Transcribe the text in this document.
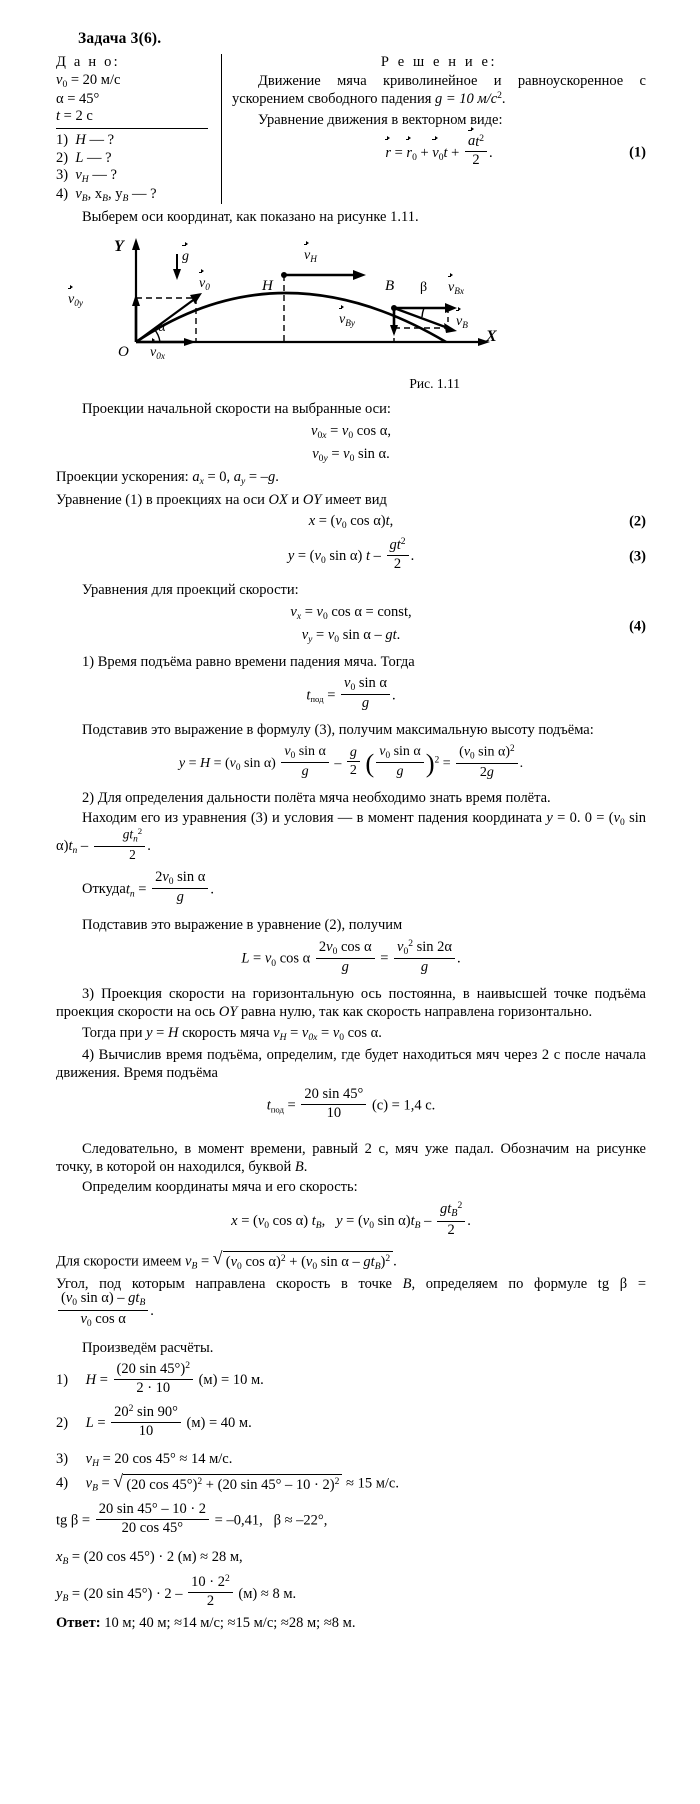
Задача 3(6).
Д а н о:
$v_0 = 20$ м/с
α = 45°
t = 2 с
1) H — ?
2) L — ?
3) $v_H$ — ?
4) $v_B$, $x_B$, $y_B$ — ?
Р е ш е н и е:
Движение мяча криволинейное и равноускоренное с ускорением свободного падения g = 10 $м/с^2$.
Уравнение движения в векторном виде:
r
= r
$_0$ + v
$_0$t + a
$t^2$
2 .	(1)
Выберем оси координат, как показано на рисунке 1.11.
Y
X
O
g
v
$_0$
v
$_{0y}$
v
$_{0x}$
α
v
$_H$
H	B β v
$_{Bx}$
v
$_{By}$	v
$_B$
Рис. 1.11
Проекции начальной скорости на выбранные оси:
$v_{0x} = v_0$ cos α,
$v_{0y} = v_0$ sin α.
Проекции ускорения: $a_x = 0$, $a_y = -g$.
Уравнение (1) в проекциях на оси OX и OY имеет вид
$x = (v_0$ cos α)t,	(2)
$y = (v_0$ sin α) t – $\frac{gt^2}{2}$ .	(3)
Уравнения для проекций скорости:
$v_x = v_0$ cos α = const,
$v_y = v_0$ sin α – gt.
(4)
1) Время подъёма равно времени падения мяча. Тогда
$t_{под} = \frac{v_0 \sin \alpha}{g}$ .
Подставив это выражение в формулу (3), получим максимальную высоту подъёма:
$y = H = (v_0$ $\sin \alpha) \frac{v_0 \sin \alpha}{g} - \frac{g}{2}$ ( $\frac{v_0 \sin \alpha}{g} )^2 = \frac{(v_0 \sin \alpha)^2}{2g}$ .
2) Для определения дальности полёта мяча необходимо знать время полёта.
Находим его из уравнения (3) и условия — в момент падения координата y = 0. $0 = (v_0$ $\sin \alpha)t_п - \frac{gt_п^2}{2}$ .
Откудаt$_п$ = $\frac{2v_0 \sin \alpha}{g}$ .
Подставив это выражение в уравнение (2), получим
$L = v_0$ cos α $\frac{2v_0 \cos \alpha}{g} = \frac{v_0^2 \sin 2\alpha}{g}$ .
3) Проекция скорости на горизонтальную ось постоянна, в наивысшей точке подъёма проекция скорости на ось OY равна нулю, так как скорость направлена горизонтально.
Тогда при y = H скорость мяча $v_H = v_{0x} = v_0$ cos α.
4) Вычислив время подъёма, определим, где будет находиться мяч через 2 с после начала движения. Время подъёма
$t_{под} = \frac{20 \sin 45^\circ}{10} (с) = 1,4$ с.
Следовательно, в момент времени, равный 2 с, мяч уже падал. Обозначим на рисунке точку, в которой он находился, буквой B.
Определим координаты мяча и его скорость:
$x = (v_0$ cos α) $t_B$,   $y = (v_0$ $\sin \alpha)t_B - \frac{gt_B^2}{2}$ .
Для скорости имеем $v_B$ = √ ($v_0$ $\cos \alpha)^2 + (v_0$ sin α – $gt_B)^2$ .
Угол, под которым направлена скорость в точке B, определяем по формуле tg β =
$\frac{(v_0 \sin \alpha) - gt_B}{v_0 \cos \alpha}$ .
Произведём расчёты.
1) $H = \frac{(20 \sin 45^\circ)^2}{2 \cdot 10} (м) = 10$ м.
2) $L = \frac{20^2 \sin 90^\circ}{10} (м) = 40$ м.
3) $v_H = 20$ cos 45° ≈ 14 м/с.
4) $v_B$ = √ (20 cos 45°)$^2$ + (20 sin 45° – 10 · 2)$^2$ ≈ 15 м/с.
tg $\beta = \frac{20 \sin 45^\circ - 10 \cdot 2}{20 \cos 45^\circ} = -0,41$, β ≈ –22°,
$x_B = (20$ cos 45°) · 2 (м) ≈ 28 м,
$y_B = (20$ $\sin 45^\circ) \cdot 2 - \frac{10 \cdot 2^2}{2} (м) \approx 8$ м.
Ответ: 10 м; 40 м; ≈14 м/с; ≈15 м/с; ≈28 м; ≈8 м.
